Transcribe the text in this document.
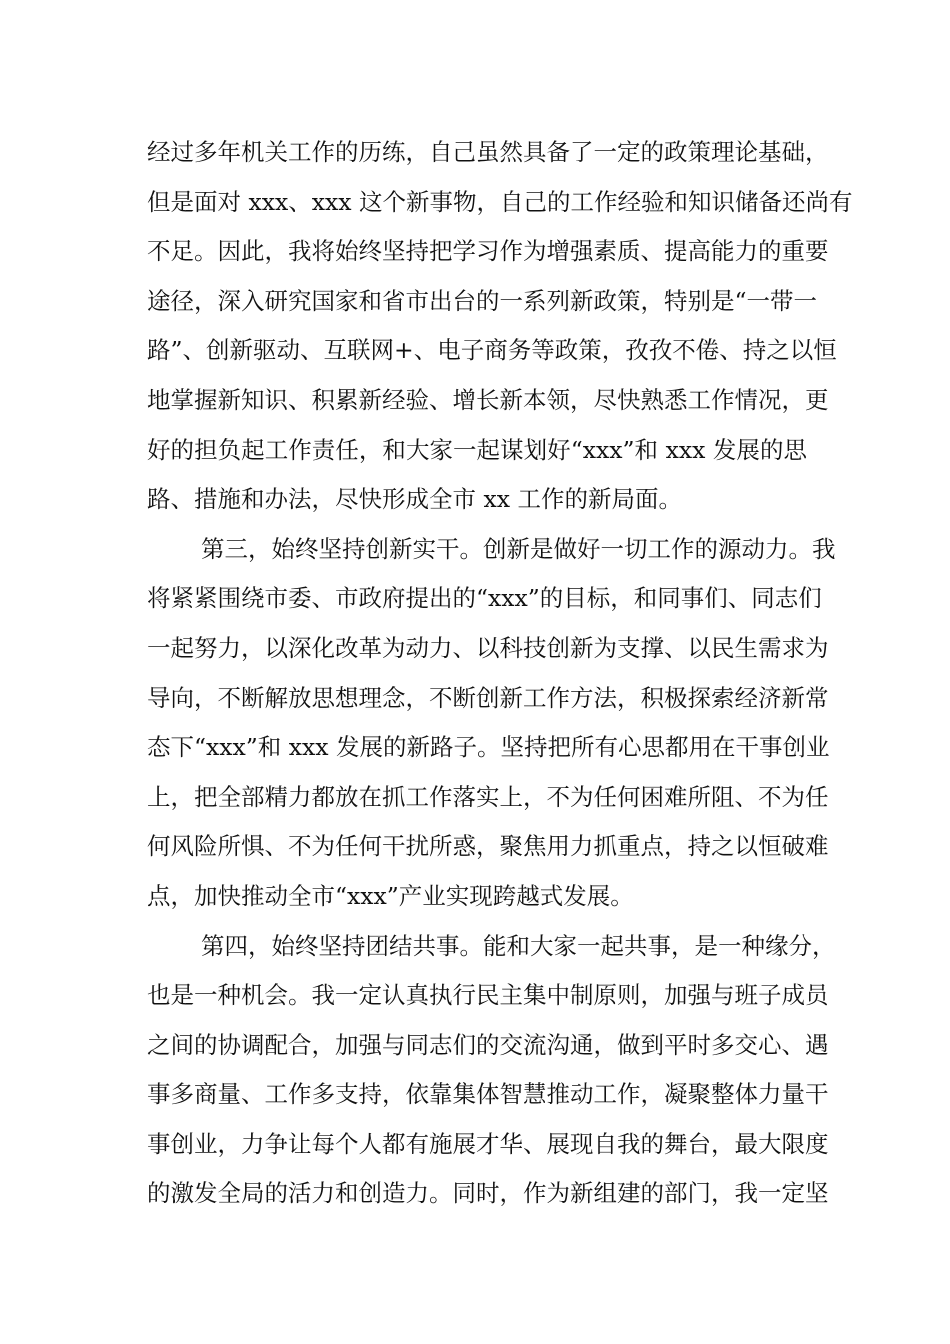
经过多年机关工作的历练，自己虽然具备了一定的政策理论基础，
但是面对 xxx、xxx 这个新事物，自己的工作经验和知识储备还尚有
不足。因此，我将始终坚持把学习作为增强素质、提高能力的重要
途径，深入研究国家和省市出台的一系列新政策，特别是“一带一
路”、创新驱动、互联网+、电子商务等政策，孜孜不倦、持之以恒
地掌握新知识、积累新经验、增长新本领，尽快熟悉工作情况，更
好的担负起工作责任，和大家一起谋划好“xxx”和 xxx 发展的思
路、措施和办法，尽快形成全市 xx 工作的新局面。
第三，始终坚持创新实干。创新是做好一切工作的源动力。我
将紧紧围绕市委、市政府提出的“xxx”的目标，和同事们、同志们
一起努力，以深化改革为动力、以科技创新为支撑、以民生需求为
导向，不断解放思想理念，不断创新工作方法，积极探索经济新常
态下“xxx”和 xxx 发展的新路子。坚持把所有心思都用在干事创业
上，把全部精力都放在抓工作落实上，不为任何困难所阻、不为任
何风险所惧、不为任何干扰所惑，聚焦用力抓重点，持之以恒破难
点，加快推动全市“xxx”产业实现跨越式发展。
第四，始终坚持团结共事。能和大家一起共事，是一种缘分，
也是一种机会。我一定认真执行民主集中制原则，加强与班子成员
之间的协调配合，加强与同志们的交流沟通，做到平时多交心、遇
事多商量、工作多支持，依靠集体智慧推动工作，凝聚整体力量干
事创业，力争让每个人都有施展才华、展现自我的舞台，最大限度
的激发全局的活力和创造力。同时，作为新组建的部门，我一定坚
